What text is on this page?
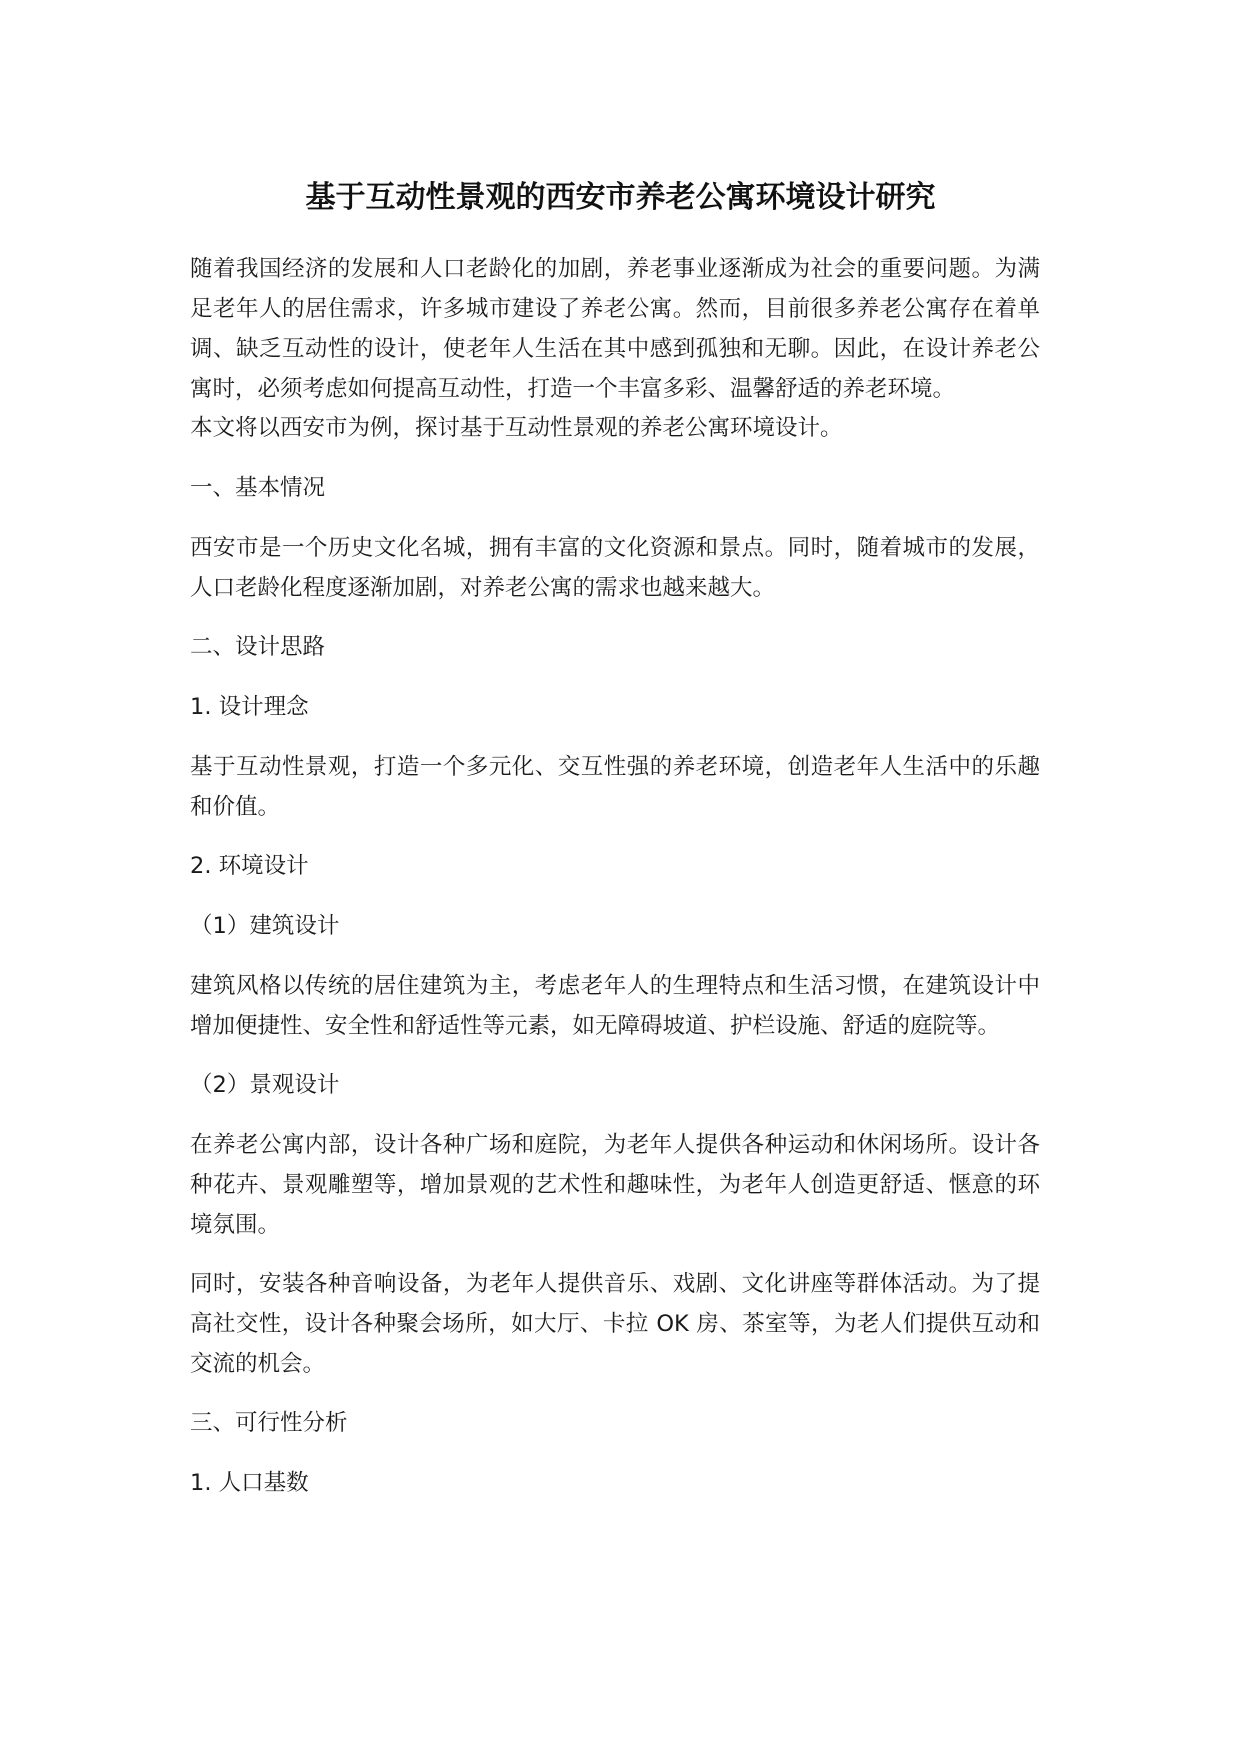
基于互动性景观的西安市养老公寓环境设计研究

随着我国经济的发展和人口老龄化的加剧，养老事业逐渐成为社会的重要问题。为满足老年人的居住需求，许多城市建设了养老公寓。然而，目前很多养老公寓存在着单调、缺乏互动性的设计，使老年人生活在其中感到孤独和无聊。因此，在设计养老公寓时，必须考虑如何提高互动性，打造一个丰富多彩、温馨舒适的养老环境。

本文将以西安市为例，探讨基于互动性景观的养老公寓环境设计。

一、基本情况

西安市是一个历史文化名城，拥有丰富的文化资源和景点。同时，随着城市的发展，人口老龄化程度逐渐加剧，对养老公寓的需求也越来越大。

二、设计思路

1. 设计理念

基于互动性景观，打造一个多元化、交互性强的养老环境，创造老年人生活中的乐趣和价值。

2. 环境设计

（1）建筑设计

建筑风格以传统的居住建筑为主，考虑老年人的生理特点和生活习惯，在建筑设计中增加便捷性、安全性和舒适性等元素，如无障碍坡道、护栏设施、舒适的庭院等。

（2）景观设计

在养老公寓内部，设计各种广场和庭院，为老年人提供各种运动和休闲场所。设计各种花卉、景观雕塑等，增加景观的艺术性和趣味性，为老年人创造更舒适、惬意的环境氛围。

同时，安装各种音响设备，为老年人提供音乐、戏剧、文化讲座等群体活动。为了提高社交性，设计各种聚会场所，如大厅、卡拉 OK 房、茶室等，为老人们提供互动和交流的机会。

三、可行性分析

1. 人口基数
